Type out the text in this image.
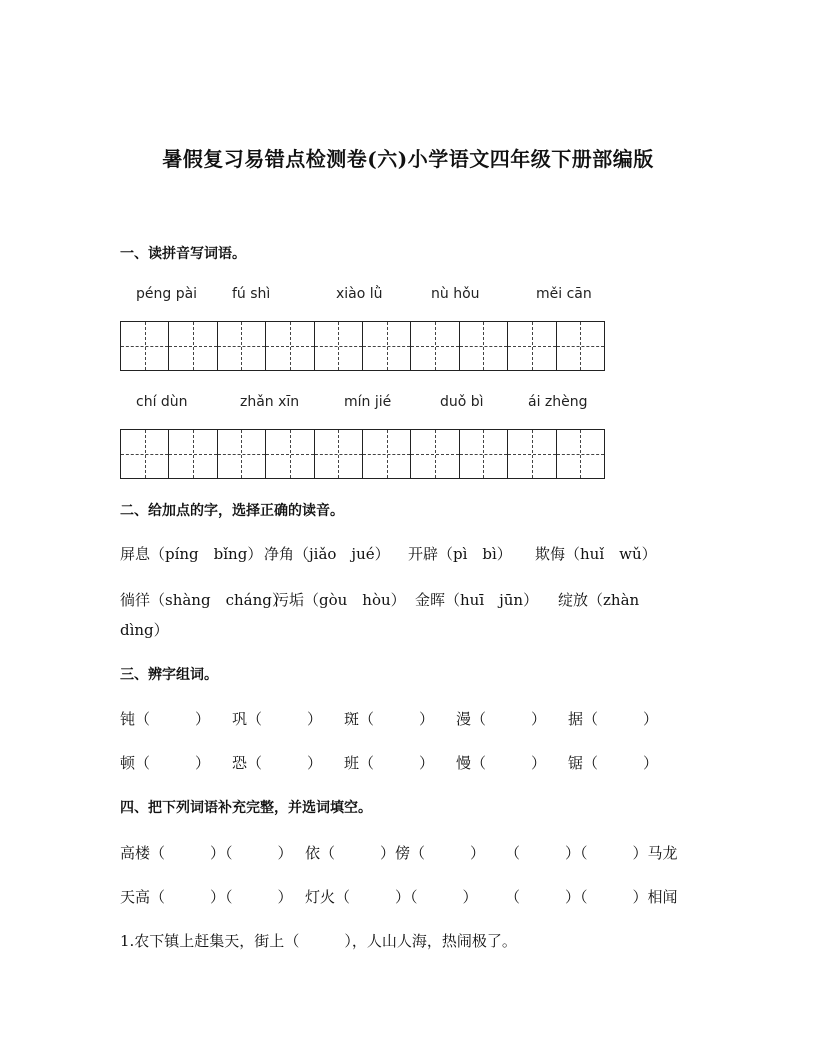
暑假复习易错点检测卷(六)小学语文四年级下册部编版
一、读拼音写词语。
péng pài fú shì	xiào lǜ	nù hǒu	měi cān
chí dùn	zhǎn xīn	mín jié	duǒ bì	ái zhèng
二、给加点的字，选择正确的读音。
屏息（píng　bǐng） 净角（jiǎo　jué） 开辟（pì　bì） 欺侮（huǐ　wǔ）
徜徉（shàng　cháng）
污垢（gòu　hòu） 金晖（huī　jūn） 绽放（zhàn
dìng）
三、辨字组词。
钝（　　　） 巩（　　　） 斑（　　　） 漫（　　　） 据（　　　）
顿（　　　） 恐（　　　） 班（　　　） 慢（　　　） 锯（　　　）
四、把下列词语补充完整，并选词填空。
高楼（　　　）（　　　） 依（　　　）傍（　　　） （　　　）（　　　）马龙
天高（　　　）（　　　） 灯火（　　　）（　　　） （　　　）（　　　）相闻
1.农下镇上赶集天，街上（　　　），人山人海，热闹极了。
